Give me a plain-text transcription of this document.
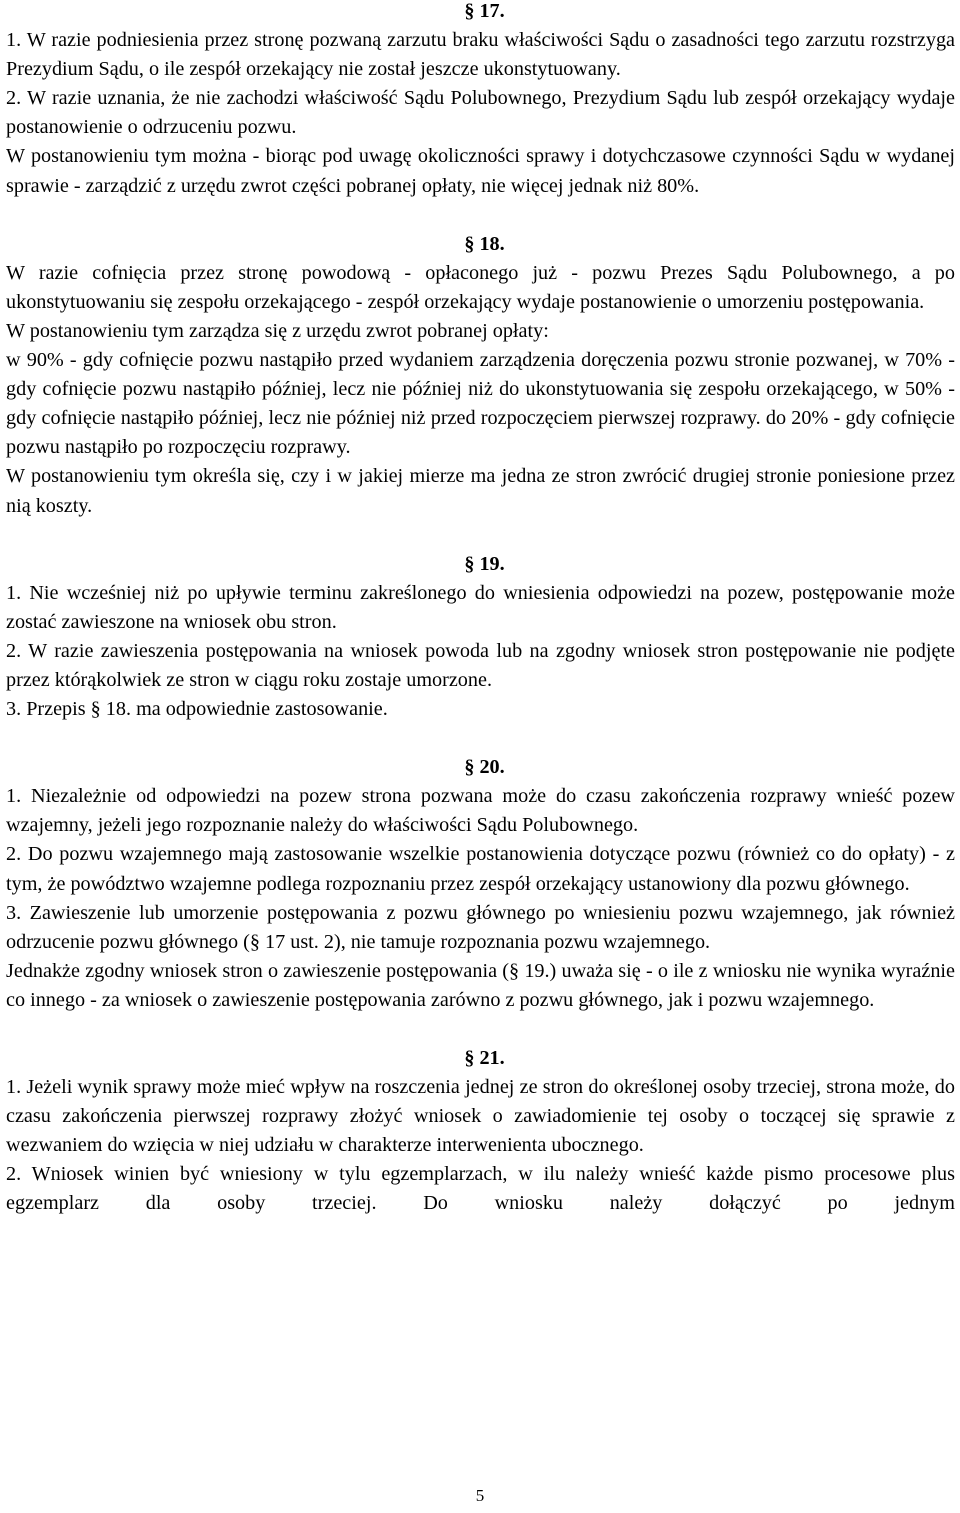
§ 17.

1. W razie podniesienia przez stronę pozwaną zarzutu braku właściwości Sądu o zasadności tego zarzutu rozstrzyga Prezydium Sądu, o ile zespół orzekający nie został jeszcze ukonstytuowany.

2. W razie uznania, że nie zachodzi właściwość Sądu Polubownego, Prezydium Sądu lub zespół orzekający wydaje postanowienie o odrzuceniu pozwu.

W postanowieniu tym można - biorąc pod uwagę okoliczności sprawy i dotychczasowe czynności Sądu w wydanej sprawie - zarządzić z urzędu zwrot części pobranej opłaty, nie więcej jednak niż 80%.

§ 18.

W razie cofnięcia przez stronę powodową - opłaconego już - pozwu Prezes Sądu Polubownego, a po ukonstytuowaniu się zespołu orzekającego - zespół orzekający wydaje postanowienie o umorzeniu postępowania.

W postanowieniu tym zarządza się z urzędu zwrot pobranej opłaty:

w 90% - gdy cofnięcie pozwu nastąpiło przed wydaniem zarządzenia doręczenia pozwu stronie pozwanej, w 70% -gdy cofnięcie pozwu nastąpiło później, lecz nie później niż do ukonstytuowania się zespołu orzekającego, w 50% - gdy cofnięcie nastąpiło później, lecz nie później niż przed rozpoczęciem pierwszej rozprawy. do 20% - gdy cofnięcie pozwu nastąpiło po rozpoczęciu rozprawy.

W postanowieniu tym określa się, czy i w jakiej mierze ma jedna ze stron zwrócić drugiej stronie poniesione przez nią koszty.

§ 19.

1. Nie wcześniej niż po upływie terminu zakreślonego do wniesienia odpowiedzi na pozew, postępowanie może zostać zawieszone na wniosek obu stron.

2. W razie zawieszenia postępowania na wniosek powoda lub na zgodny wniosek stron postępowanie nie podjęte przez którąkolwiek ze stron w ciągu roku zostaje umorzone.

3. Przepis § 18. ma odpowiednie zastosowanie.

§ 20.

1. Niezależnie od odpowiedzi na pozew strona pozwana może do czasu zakończenia rozprawy wnieść pozew wzajemny, jeżeli jego rozpoznanie należy do właściwości Sądu Polubownego.

2. Do pozwu wzajemnego mają zastosowanie wszelkie postanowienia dotyczące pozwu (również co do opłaty) - z tym, że powództwo wzajemne podlega rozpoznaniu przez zespół orzekający ustanowiony dla pozwu głównego.

3. Zawieszenie lub umorzenie postępowania z pozwu głównego po wniesieniu pozwu wzajemnego, jak również odrzucenie pozwu głównego (§ 17 ust. 2), nie tamuje rozpoznania pozwu wzajemnego.

Jednakże zgodny wniosek stron o zawieszenie postępowania (§ 19.) uważa się - o ile z wniosku nie wynika wyraźnie co innego - za wniosek o zawieszenie postępowania zarówno z pozwu głównego, jak i pozwu wzajemnego.

§ 21.

1. Jeżeli wynik sprawy może mieć wpływ na roszczenia jednej ze stron do określonej osoby trzeciej, strona może, do czasu zakończenia pierwszej rozprawy złożyć wniosek o zawiadomienie tej osoby o toczącej się sprawie z wezwaniem do wzięcia w niej udziału w charakterze interwenienta ubocznego.

2. Wniosek winien być wniesiony w tylu egzemplarzach, w ilu należy wnieść każde pismo procesowe plus egzemplarz dla osoby trzeciej. Do wniosku należy dołączyć po jednym

5
